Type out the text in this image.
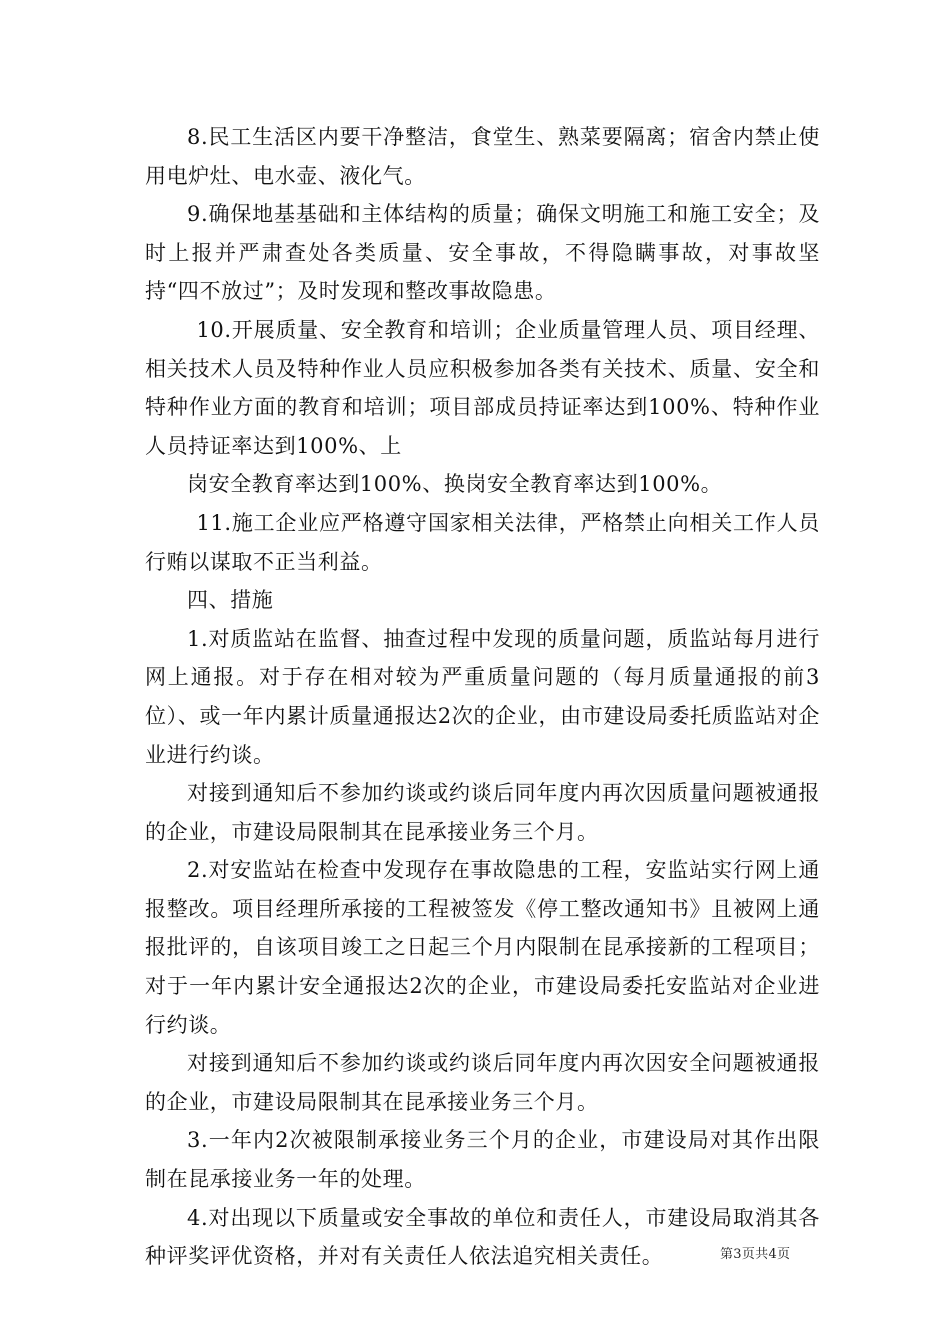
8.民工生活区内要干净整洁，食堂生、熟菜要隔离；宿舍内禁止使用电炉灶、电水壶、液化气。

9.确保地基基础和主体结构的质量；确保文明施工和施工安全；及时上报并严肃查处各类质量、安全事故，不得隐瞒事故，对事故坚持“四不放过”；及时发现和整改事故隐患。

10.开展质量、安全教育和培训；企业质量管理人员、项目经理、相关技术人员及特种作业人员应积极参加各类有关技术、质量、安全和特种作业方面的教育和培训；项目部成员持证率达到100%、特种作业人员持证率达到100%、上

岗安全教育率达到100%、换岗安全教育率达到100%。

11.施工企业应严格遵守国家相关法律，严格禁止向相关工作人员行贿以谋取不正当利益。

四、措施

1.对质监站在监督、抽查过程中发现的质量问题，质监站每月进行网上通报。对于存在相对较为严重质量问题的（每月质量通报的前3位）、或一年内累计质量通报达2次的企业，由市建设局委托质监站对企业进行约谈。

对接到通知后不参加约谈或约谈后同年度内再次因质量问题被通报的企业，市建设局限制其在昆承接业务三个月。

2.对安监站在检查中发现存在事故隐患的工程，安监站实行网上通报整改。项目经理所承接的工程被签发《停工整改通知书》且被网上通报批评的，自该项目竣工之日起三个月内限制在昆承接新的工程项目；对于一年内累计安全通报达2次的企业，市建设局委托安监站对企业进行约谈。

对接到通知后不参加约谈或约谈后同年度内再次因安全问题被通报的企业，市建设局限制其在昆承接业务三个月。

3.一年内2次被限制承接业务三个月的企业，市建设局对其作出限制在昆承接业务一年的处理。

4.对出现以下质量或安全事故的单位和责任人，市建设局取消其各种评奖评优资格，并对有关责任人依法追究相关责任。	第3页共4页
